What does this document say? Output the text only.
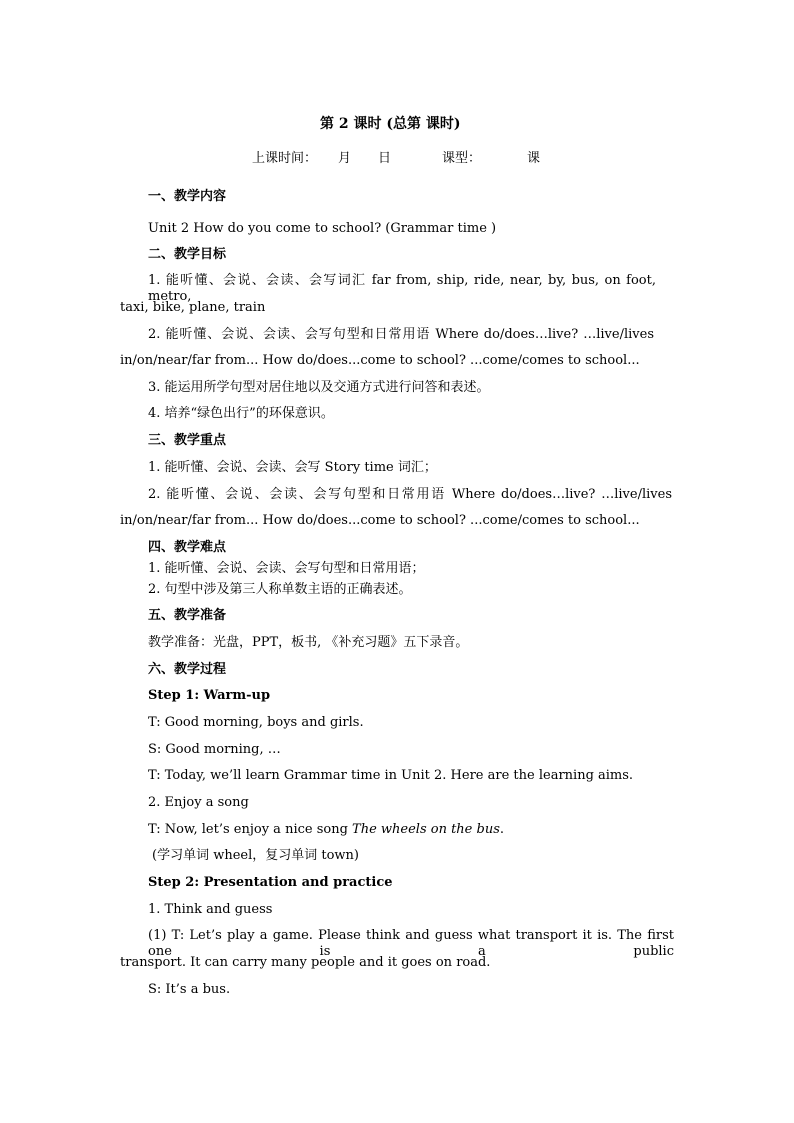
第 2 课时 (总第 课时)
上课时间： 月 日	课型：	课
一、教学内容
Unit 2 How do you come to school? (Grammar time )
二、教学目标
1. 能听懂、会说、会读、会写词汇 far from, ship, ride, near, by, bus, on foot, metro,
taxi, bike, plane, train
2. 能听懂、会说、会读、会写句型和日常用语 Where do/does…live? …live/lives
in/on/near/far from... How do/does...come to school? ...come/comes to school...
3. 能运用所学句型对居住地以及交通方式进行问答和表述。
4. 培养“绿色出行”的环保意识。
三、教学重点
1. 能听懂、会说、会读、会写 Story time 词汇；
2. 能听懂、会说、会读、会写句型和日常用语 Where do/does…live? …live/lives
in/on/near/far from... How do/does...come to school? ...come/comes to school...
四、教学难点
1. 能听懂、会说、会读、会写句型和日常用语；
2. 句型中涉及第三人称单数主语的正确表述。
五、教学准备
教学准备：光盘，PPT，板书, 《补充习题》五下录音。
六、教学过程
Step 1: Warm-up
T: Good morning, boys and girls.
S: Good morning, …
T: Today, we’ll learn Grammar time in Unit 2. Here are the learning aims.
2. Enjoy a song
T: Now, let’s enjoy a nice song The wheels on the bus.
(学习单词 wheel，复习单词 town)
Step 2: Presentation and practice
1. Think and guess
(1) T: Let’s play a game. Please think and guess what transport it is. The first one is a public
transport. It can carry many people and it goes on road.
S: It’s a bus.
